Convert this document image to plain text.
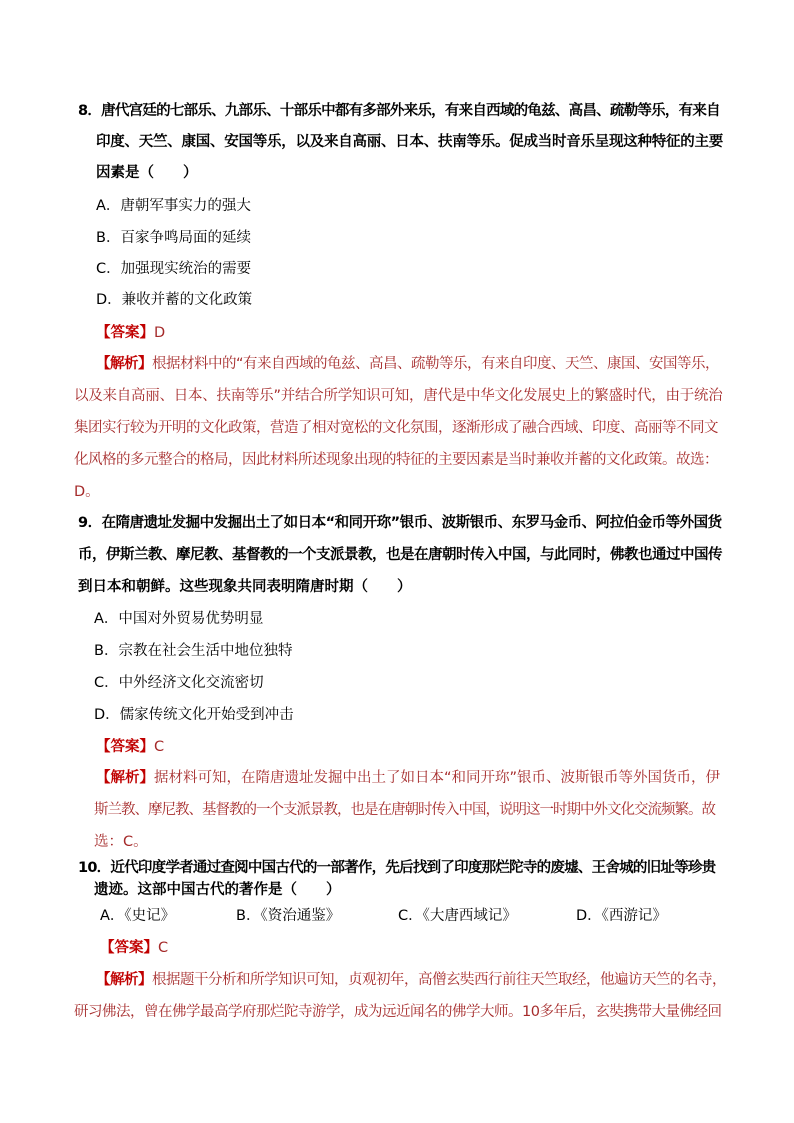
8．唐代宫廷的七部乐、九部乐、十部乐中都有多部外来乐，有来自西域的龟兹、高昌、疏勒等乐，有来自
印度、天竺、康国、安国等乐，以及来自高丽、日本、扶南等乐。促成当时音乐呈现这种特征的主要
因素是（　　）
A．唐朝军事实力的强大
B．百家争鸣局面的延续
C．加强现实统治的需要
D．兼收并蓄的文化政策
【答案】D
【解析】根据材料中的“有来自西域的龟兹、高昌、疏勒等乐，有来自印度、天竺、康国、安国等乐，
以及来自高丽、日本、扶南等乐”并结合所学知识可知，唐代是中华文化发展史上的繁盛时代，由于统治
集团实行较为开明的文化政策，营造了相对宽松的文化氛围，逐渐形成了融合西域、印度、高丽等不同文
化风格的多元整合的格局，因此材料所述现象出现的特征的主要因素是当时兼收并蓄的文化政策。故选：
D。
9．在隋唐遗址发掘中发掘出土了如日本“和同开珎”银币、波斯银币、东罗马金币、阿拉伯金币等外国货
币，伊斯兰教、摩尼教、基督教的一个支派景教，也是在唐朝时传入中国，与此同时，佛教也通过中国传
到日本和朝鲜。这些现象共同表明隋唐时期（　　）
A．中国对外贸易优势明显
B．宗教在社会生活中地位独特
C．中外经济文化交流密切
D．儒家传统文化开始受到冲击
【答案】C
【解析】据材料可知，在隋唐遗址发掘中出土了如日本“和同开珎”银币、波斯银币等外国货币，伊
斯兰教、摩尼教、基督教的一个支派景教，也是在唐朝时传入中国，说明这一时期中外文化交流频繁。故
选：C。
10．近代印度学者通过查阅中国古代的一部著作，先后找到了印度那烂陀寺的废墟、王舍城的旧址等珍贵
遗迹。这部中国古代的著作是（　　）
A．《史记》	B．《资治通鉴》	C．《大唐西域记》	D．《西游记》
【答案】C
【解析】根据题干分析和所学知识可知，贞观初年，高僧玄奘西行前往天竺取经，他遍访天竺的名寺，
研习佛法，曾在佛学最高学府那烂陀寺游学，成为远近闻名的佛学大师。10多年后，玄奘携带大量佛经回
